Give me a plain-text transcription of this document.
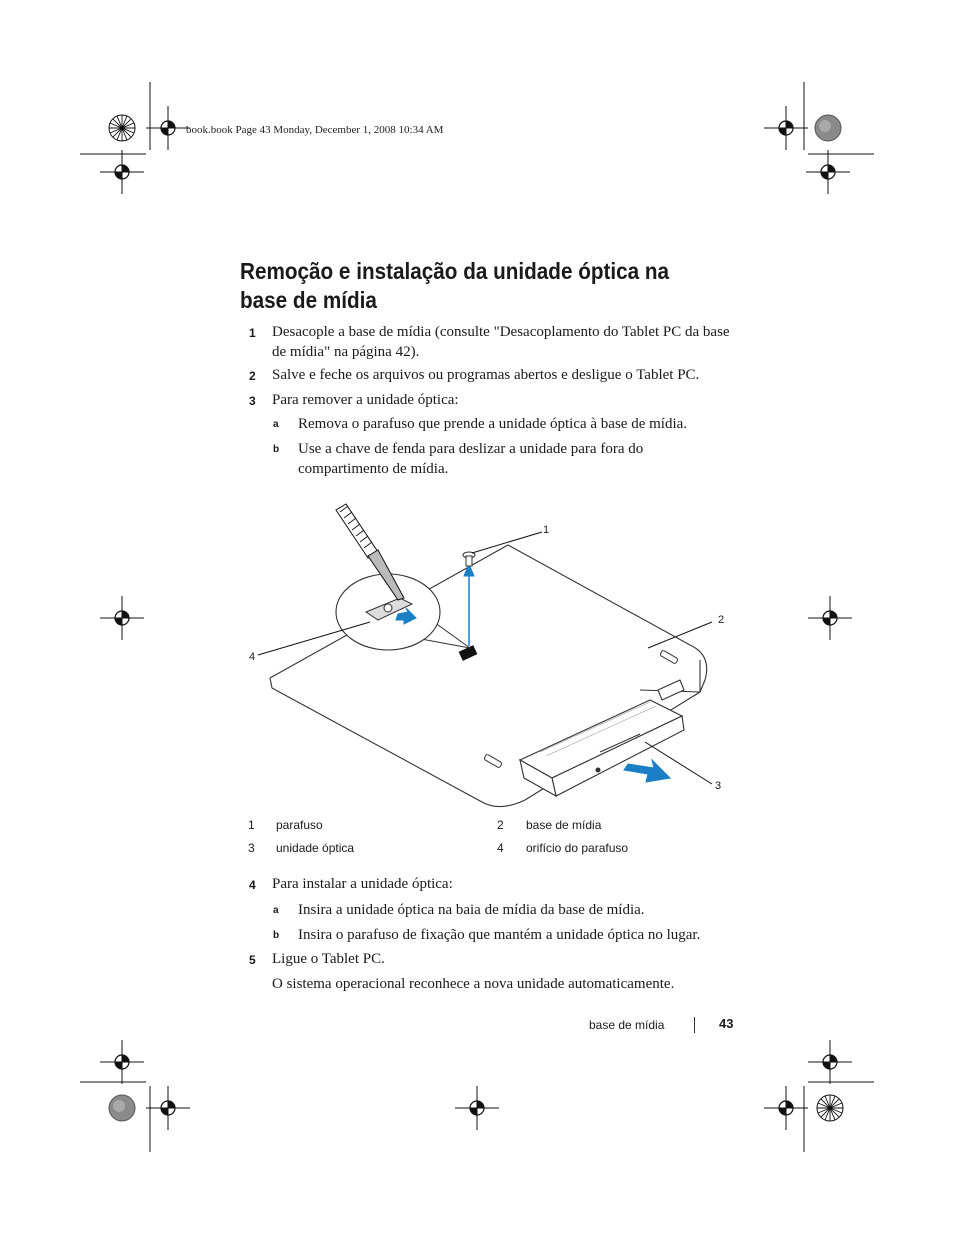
book.book Page 43 Monday, December 1, 2008 10:34 AM
Remoção e instalação da unidade óptica na base de mídia
1 Desacople a base de mídia (consulte "Desacoplamento do Tablet PC da base de mídia" na página 42).
2 Salve e feche os arquivos ou programas abertos e desligue o Tablet PC.
3 Para remover a unidade óptica:
a Remova o parafuso que prende a unidade óptica à base de mídia.
b Use a chave de fenda para deslizar a unidade para fora do compartimento de mídia.
1
2
3
4
1 parafuso	2 base de mídia
3 unidade óptica	4 orifício do parafuso
4 Para instalar a unidade óptica:
a Insira a unidade óptica na baia de mídia da base de mídia.
b Insira o parafuso de fixação que mantém a unidade óptica no lugar.
5 Ligue o Tablet PC.
O sistema operacional reconhece a nova unidade automaticamente.
base de mídia	43
